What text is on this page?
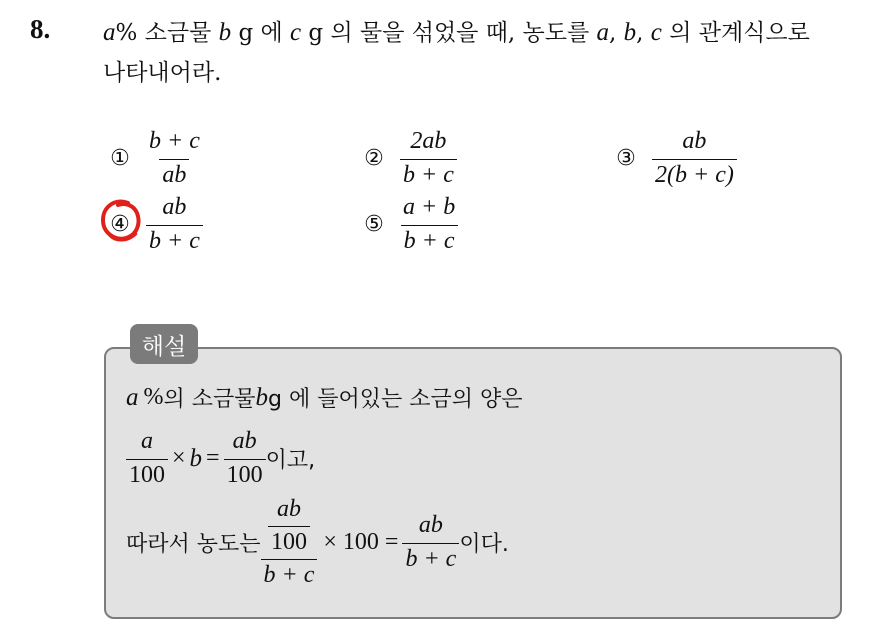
8. a% 소금물 b g 에 c g 의 물을 섞었을 때, 농도를 a, b, c 의 관계식으로
나타내어라.
① $\frac{b + c}{ab}$	② $\frac{2ab}{b + c}$	③ $\frac{ab}{2(b + c)}$
④ $\frac{ab}{b + c}$	⑤ $\frac{a + b}{b + c}$
해설
a % 의 소금물 b g 에 들어있는 소금의 양은
$\frac{a}{100} \times b = \frac{ab}{100}$ 이고,
따라서 농도는 $\frac{\frac{ab}{100}}{b + c} \times 100 = \frac{ab}{b + c}$ 이다.
